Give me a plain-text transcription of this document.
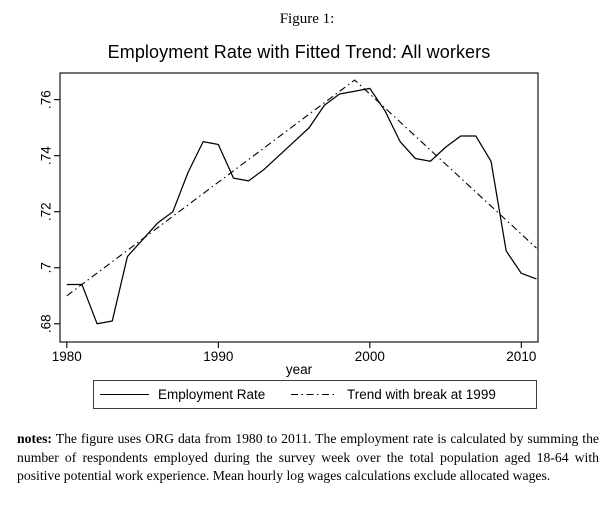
Figure 1:
Employment Rate with Fitted Trend: All workers
.68
.7
.72
.74
.76
1980	1990	2000	2010
year
Employment Rate	Trend with break at 1999
notes: The figure uses ORG data from 1980 to 2011. The employment rate is calculated by summing the number of respondents employed during the survey week over the total population aged 18-64 with positive potential work experience. Mean hourly log wages calculations exclude allocated wages.
